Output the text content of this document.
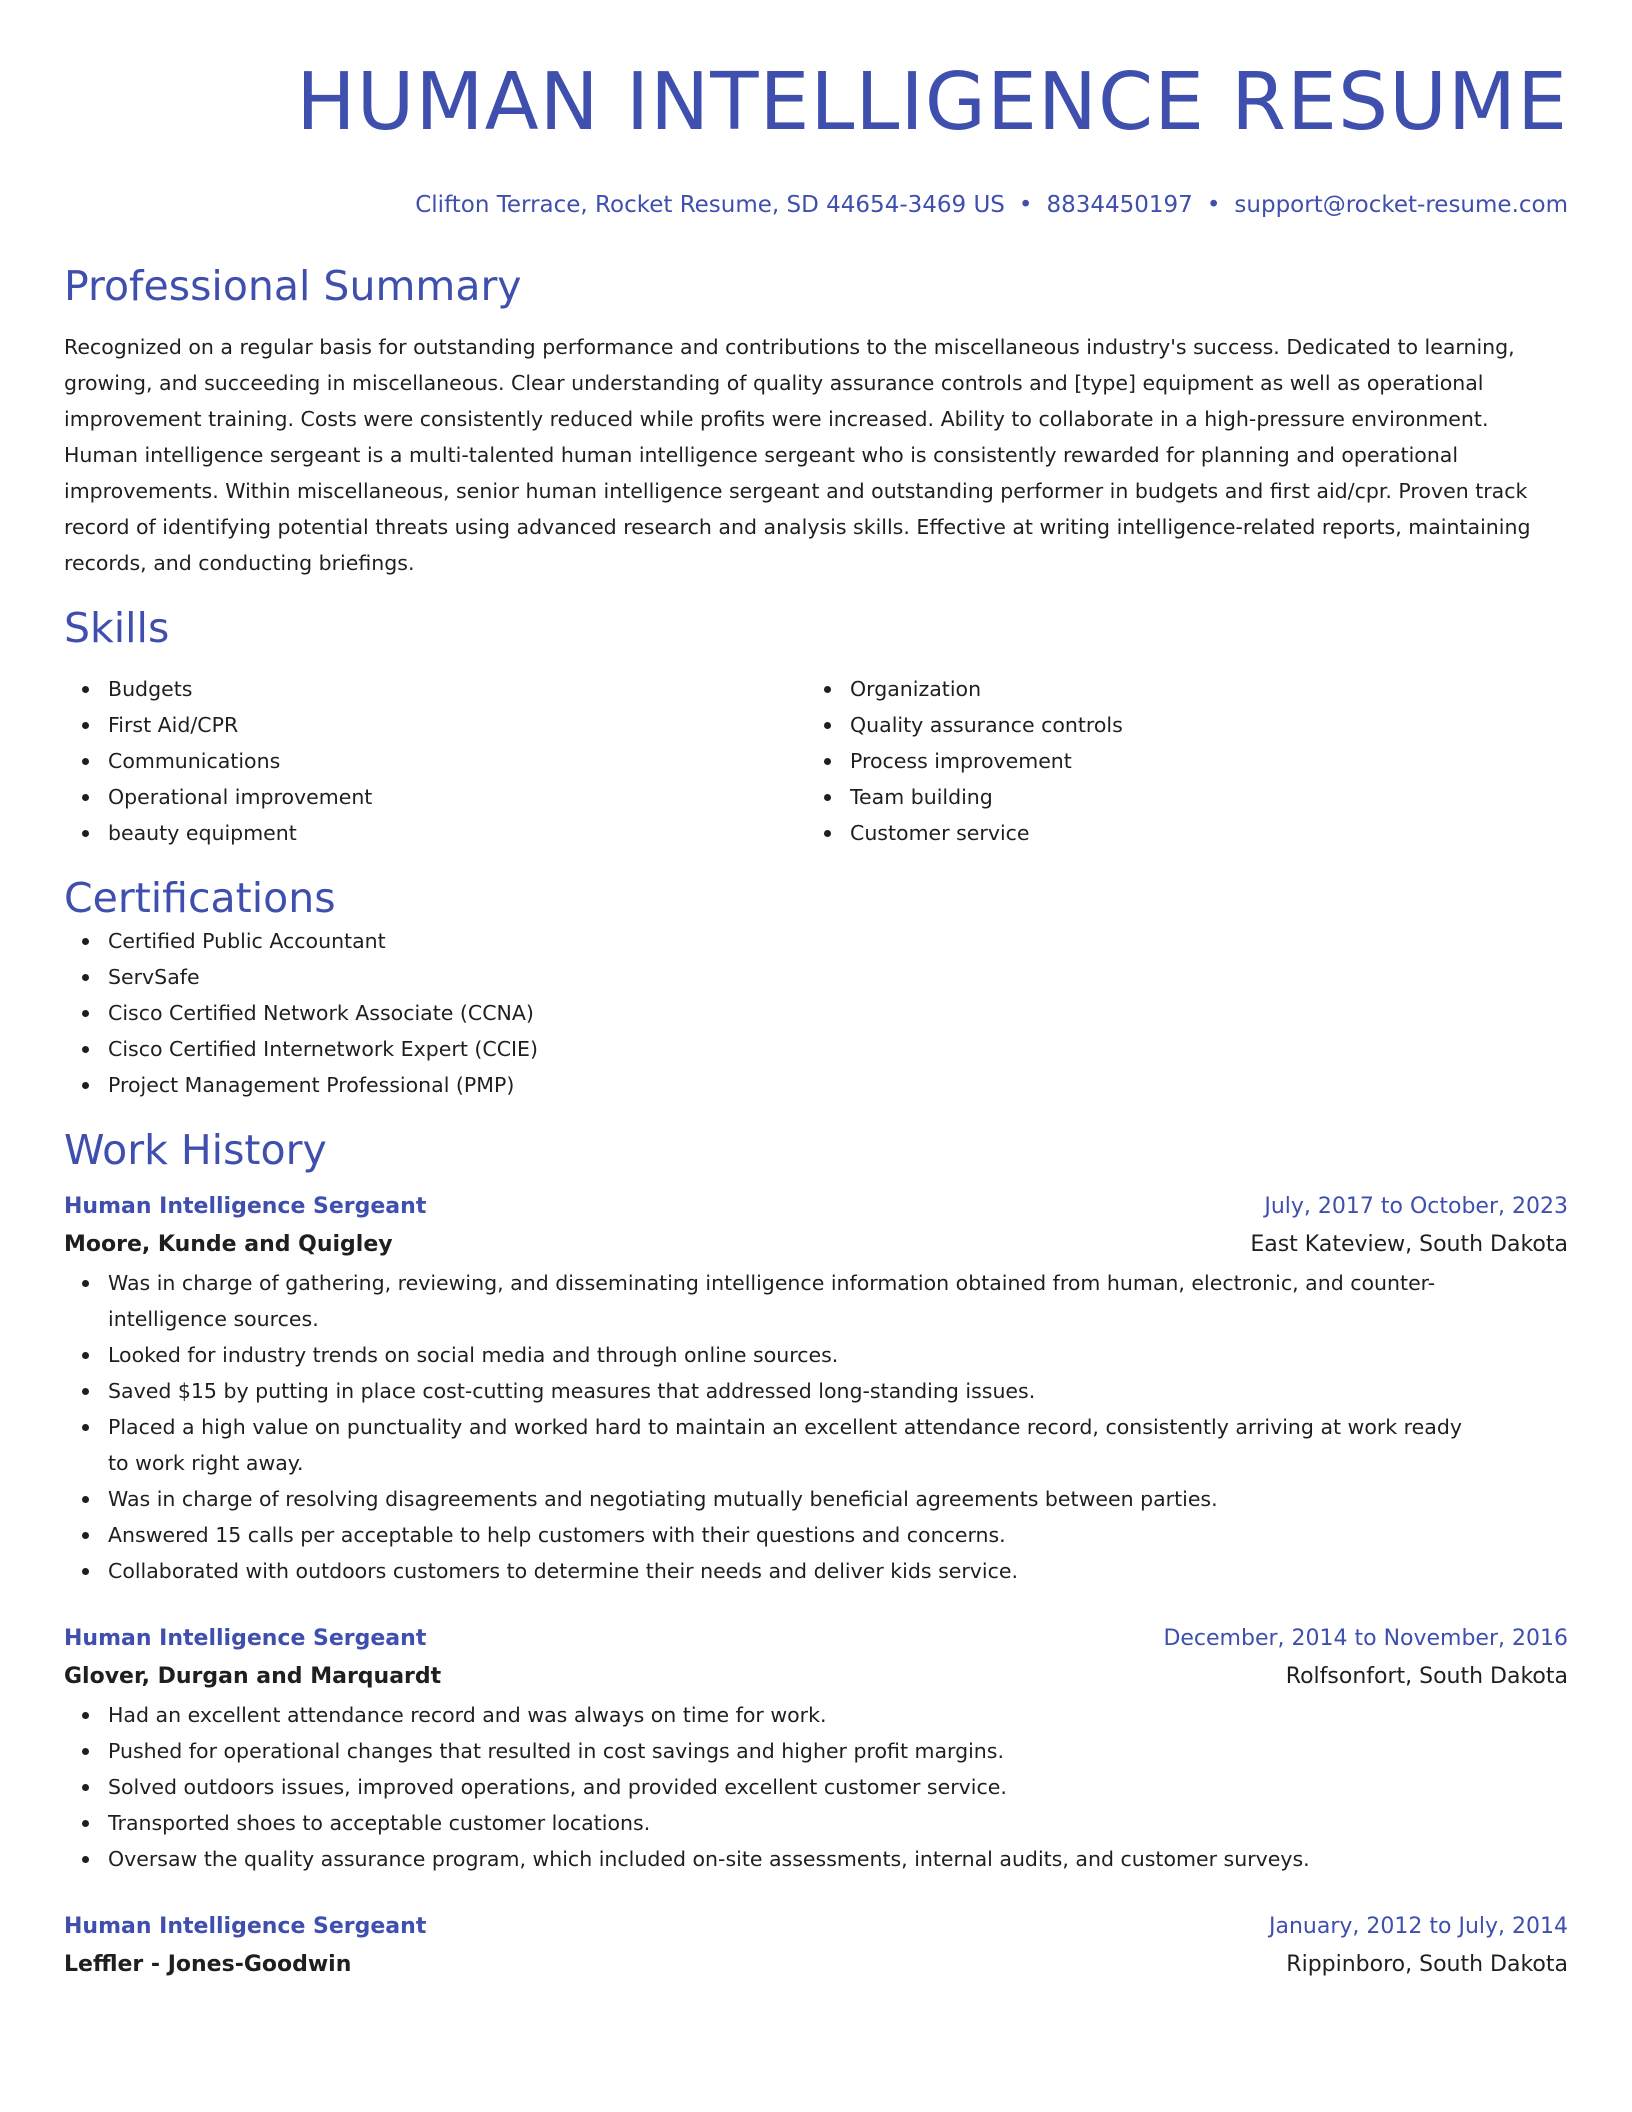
HUMAN INTELLIGENCE RESUME
Clifton Terrace, Rocket Resume, SD 44654-3469 US • 8834450197 • support@rocket-resume.com
Professional Summary

Recognized on a regular basis for outstanding performance and contributions to the miscellaneous industry's success. Dedicated to learning, growing, and succeeding in miscellaneous. Clear understanding of quality assurance controls and [type] equipment as well as operational improvement training. Costs were consistently reduced while profits were increased. Ability to collaborate in a high-pressure environment. Human intelligence sergeant is a multi-talented human intelligence sergeant who is consistently rewarded for planning and operational improvements. Within miscellaneous, senior human intelligence sergeant and outstanding performer in budgets and first aid/cpr. Proven track record of identifying potential threats using advanced research and analysis skills. Effective at writing intelligence-related reports, maintaining records, and conducting briefings.

Skills
Budgets
First Aid/CPR
Communications
Operational improvement
beauty equipment
Organization
Quality assurance controls
Process improvement
Team building
Customer service
Certifications
Certified Public Accountant
ServSafe
Cisco Certified Network Associate (CCNA)
Cisco Certified Internetwork Expert (CCIE)
Project Management Professional (PMP)
Work History
Human Intelligence Sergeant	July, 2017 to October, 2023
Moore, Kunde and Quigley	East Kateview, South Dakota
Was in charge of gathering, reviewing, and disseminating intelligence information obtained from human, electronic, and counter-intelligence sources.
Looked for industry trends on social media and through online sources.
Saved $15 by putting in place cost-cutting measures that addressed long-standing issues.
Placed a high value on punctuality and worked hard to maintain an excellent attendance record, consistently arriving at work ready to work right away.
Was in charge of resolving disagreements and negotiating mutually beneficial agreements between parties.
Answered 15 calls per acceptable to help customers with their questions and concerns.
Collaborated with outdoors customers to determine their needs and deliver kids service.
Human Intelligence Sergeant	December, 2014 to November, 2016
Glover, Durgan and Marquardt	Rolfsonfort, South Dakota
Had an excellent attendance record and was always on time for work.
Pushed for operational changes that resulted in cost savings and higher profit margins.
Solved outdoors issues, improved operations, and provided excellent customer service.
Transported shoes to acceptable customer locations.
Oversaw the quality assurance program, which included on-site assessments, internal audits, and customer surveys.
Human Intelligence Sergeant	January, 2012 to July, 2014
Leffler - Jones-Goodwin	Rippinboro, South Dakota
